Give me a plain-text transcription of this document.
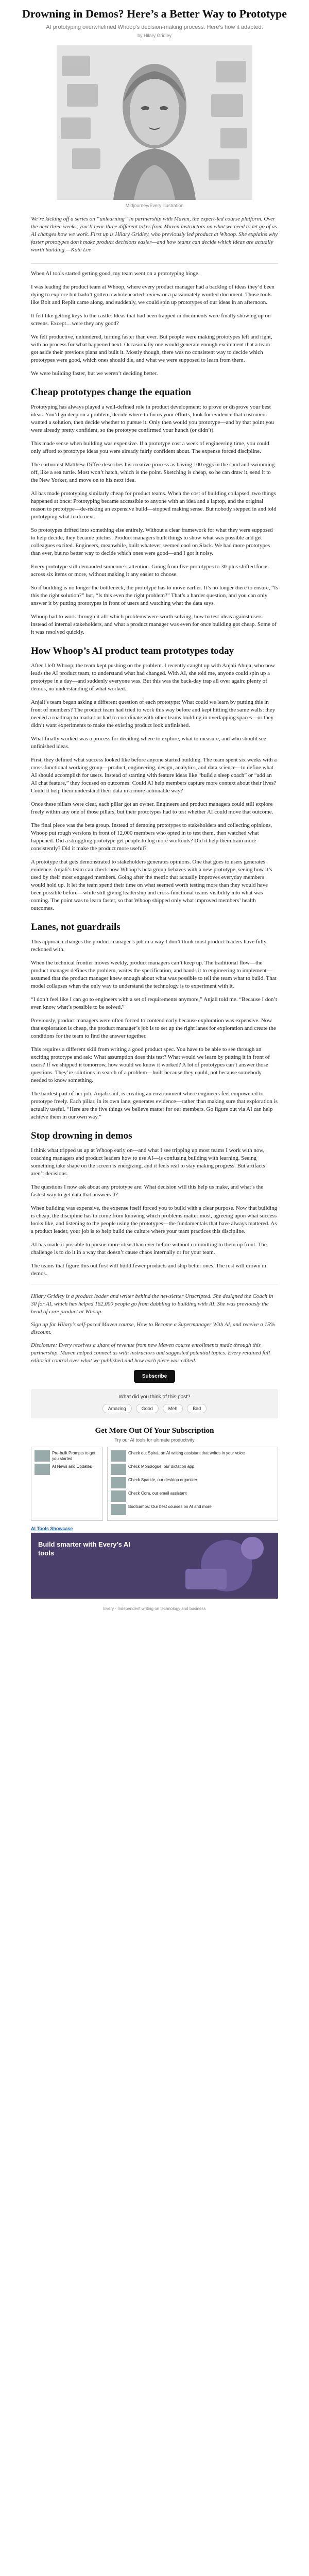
Drowning in Demos? Here’s a Better Way to Prototype
AI prototyping overwhelmed Whoop’s decision-making process. Here’s how it adapted.
by Hilary Gridley
Midjourney/Every illustration
We’re kicking off a series on “unlearning” in partnership with Maven, the expert-led course platform. Over the next three weeks, you’ll hear three different takes from Maven instructors on what we need to let go of as AI changes how we work. First up is Hilary Gridley, who previously led product at Whoop. She explains why faster prototypes don’t make product decisions easier—and how teams can decide which ideas are actually worth building.—Kate Lee

When AI tools started getting good, my team went on a prototyping binge.

I was leading the product team at Whoop, where every product manager had a backlog of ideas they’d been dying to explore but hadn’t gotten a wholehearted review or a passionately worded document. Those tools like Bolt and Replit came along, and suddenly, we could spin up prototypes of our ideas in an afternoon.

It felt like getting keys to the castle. Ideas that had been trapped in documents were finally showing up on screens. Except…were they any good?

We felt productive, unhindered, turning faster than ever. But people were making prototypes left and right, with no process for what happened next. Occasionally one would generate enough excitement that a team got aside their previous plans and built it. Mostly though, there was no consistent way to decide which prototypes were good, which ones should die, and what we were supposed to learn from them.

We were building faster, but we weren’t deciding better.

Cheap prototypes change the equation

Prototyping has always played a well-defined role in product development: to prove or disprove your best ideas. You’d go deep on a problem, decide where to focus your efforts, look for evidence that customers wanted a solution, then decide whether to pursue it. Only then would you prototype—and by that point you were already pretty confident, so the prototype confirmed your hunch (or didn’t).

This made sense when building was expensive. If a prototype cost a week of engineering time, you could only afford to prototype ideas you were already fairly confident about. The expense forced discipline.

The cartoonist Matthew Diffee describes his creative process as having 100 eggs in the sand and swimming off, like a sea turtle. Most won’t hatch, which is the point. Sketching is cheap, so he can draw it, send it to the New Yorker, and move on to his next idea.

AI has made prototyping similarly cheap for product teams. When the cost of building collapsed, two things happened at once: Prototyping became accessible to anyone with an idea and a laptop, and the original reason to prototype—de-risking an expensive build—stopped making sense. But nobody stepped in and told prototyping what to do next.

So prototypes drifted into something else entirely. Without a clear framework for what they were supposed to help decide, they became pitches. Product managers built things to show what was possible and get colleagues excited. Engineers, meanwhile, built whatever seemed cool on Slack. We had more prototypes than ever, but no better way to decide which ones were good—and I got it noisy.

Every prototype still demanded someone’s attention. Going from five prototypes to 30-plus shifted focus across six items or more, without making it any easier to choose.

So if building is no longer the bottleneck, the prototype has to move earlier. It’s no longer there to ensure, “Is this the right solution?” but, “Is this even the right problem?” That’s a harder question, and you can only answer it by putting prototypes in front of users and watching what the data says.

Whoop had to work through it all: which problems were worth solving, how to test ideas against users instead of internal stakeholders, and what a product manager was even for once building got cheap. Some of it was resolved quickly.

How Whoop’s AI product team prototypes today

After I left Whoop, the team kept pushing on the problem. I recently caught up with Anjali Ahuja, who now leads the AI product team, to understand what had changed. With AI, she told me, anyone could spin up a prototype in a day—and suddenly everyone was. But this was the back-day trap all over again: plenty of demos, no understanding of what worked.

Anjali’s team began asking a different question of each prototype: What could we learn by putting this in front of members? The product team had tried to work this way before and kept hitting the same walls: they needed a roadmap to market or had to coordinate with other teams building in overlapping spaces—or they didn’t want experiments to make the existing product look unfinished.

What finally worked was a process for deciding where to explore, what to measure, and who should see unfinished ideas.

First, they defined what success looked like before anyone started building. The team spent six weeks with a cross-functional working group—product, engineering, design, analytics, and data science—to define what AI should accomplish for users. Instead of starting with feature ideas like “build a sleep coach” or “add an AI chat feature,” they focused on outcomes: Could AI help members capture more context about their lives? Could it help them understand their data in a more actionable way?

Once these pillars were clear, each pillar got an owner. Engineers and product managers could still explore freely within any one of those pillars, but their prototypes had to test whether AI could move that outcome.

The final piece was the beta group. Instead of demoing prototypes to stakeholders and collecting opinions, Whoop put rough versions in front of 12,000 members who opted in to test them, then watched what happened. Did a struggling prototype get people to log more workouts? Did it help them train more consistently? Did it make the product more useful?

A prototype that gets demonstrated to stakeholders generates opinions. One that goes to users generates evidence. Anjali’s team can check how Whoop’s beta group behaves with a new prototype, seeing how it’s used by their most engaged members. Going after the metric that actually improves everyday members would hold up. It let the team spend their time on what seemed worth testing more than they would have been possible before—while still giving leadership and cross-functional teams visibility into what was coming. The point was to learn faster, so that Whoop shipped only what improved members’ health outcomes.

Lanes, not guardrails

This approach changes the product manager’s job in a way I don’t think most product leaders have fully reckoned with.

When the technical frontier moves weekly, product managers can’t keep up. The traditional flow—the product manager defines the problem, writes the specification, and hands it to engineering to implement—assumed that the product manager knew enough about what was possible to tell the team what to build. That model collapses when the only way to understand the technology is to experiment with it.

“I don’t feel like I can go to engineers with a set of requirements anymore,” Anjali told me. “Because I don’t even know what’s possible to be solved.”

Previously, product managers were often forced to contend early because exploration was expensive. Now that exploration is cheap, the product manager’s job is to set up the right lanes for exploration and create the conditions for the team to find the answer together.

This requires a different skill from writing a good product spec. You have to be able to see through an exciting prototype and ask: What assumption does this test? What would we learn by putting it in front of users? If we shipped it tomorrow, how would we know it worked? A lot of prototypes can’t answer those questions. They’re solutions in search of a problem—built because they could, not because somebody needed to know something.

The hardest part of her job, Anjali said, is creating an environment where engineers feel empowered to prototype freely. Each pillar, in its own lane, generates evidence—rather than making sure that exploration is actually useful. “Here are the five things we believe matter for our members. Go figure out via AI can help achieve them in our own way.”

Stop drowning in demos

I think what tripped us up at Whoop early on—and what I see tripping up most teams I work with now, coaching managers and product leaders how to use AI—is confusing building with learning. Seeing something take shape on the screen is energizing, and it feels real to stay making progress. But artifacts aren’t decisions.

The questions I now ask about any prototype are: What decision will this help us make, and what’s the fastest way to get data that answers it?

When building was expensive, the expense itself forced you to build with a clear purpose. Now that building is cheap, the discipline has to come from knowing which problems matter most, agreeing upon what success looks like, and listening to the people using the prototypes—the fundamentals that have always mattered. As a product leader, your job is to help build the culture where your team practices this discipline.

AI has made it possible to pursue more ideas than ever before without committing to them up front. The challenge is to do it in a way that doesn’t cause chaos internally or for your team.

The teams that figure this out first will build fewer products and ship better ones. The rest will drown in demos.

Hilary Gridley is a product leader and writer behind the newsletter Unscripted. She designed the Coach in 30 for AI, which has helped 162,000 people go from dabbling to building with AI. She was previously the head of core product at Whoop.

Sign up for Hilary’s self-paced Maven course, How to Become a Supermanager With AI, and receive a 15% discount.

Disclosure: Every receives a share of revenue from new Maven course enrollments made through this partnership. Maven helped connect us with instructors and suggested potential topics. Every retained full editorial control over what we published and how each piece was edited.

Subscribe
What did you think of this post?
Amazing	Good	Meh	Bad
Get More Out Of Your Subscription
Try our AI tools for ultimate productivity
Pre-built Prompts to get you started
AI News and Updates
Check out Spiral, an AI writing assistant that writes in your voice
Check Monologue, our dictation app
Check Sparkle, our desktop organizer
Check Cora, our email assistant
Bootcamps: Our best courses on AI and more
AI Tools Showcase
Build smarter with Every’s AI tools
Every · Independent writing on technology and business
